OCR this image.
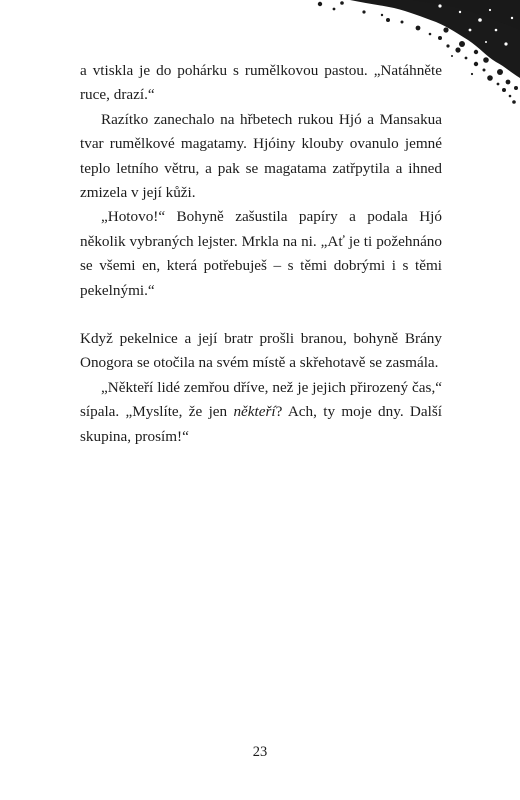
a vtiskla je do pohárku s rumělkovou pastou. „Natáhněte ruce, drazí.“

Razítko zanechalo na hřbetech rukou Hjó a Mansakua tvar rumělkové magatamy. Hjóiny klouby ovanulo jemné teplo letního větru, a pak se magatama zatřpytila a ihned zmizela v její kůži.

„Hotovo!“ Bohyně zašustila papíry a podala Hjó několik vybraných lejster. Mrkla na ni. „Ať je ti požehnáno se všemi en, která potřebuješ – s těmi dobrými i s těmi pekelnými.“

Když pekelnice a její bratr prošli branou, bohyně Brány Onogora se otočila na svém místě a skřehotavě se zasmála.

„Někteří lidé zemřou dříve, než je jejich přirozený čas,“ sípala. „Myslíte, že jen někteří? Ach, ty moje dny. Další skupina, prosím!“

23
